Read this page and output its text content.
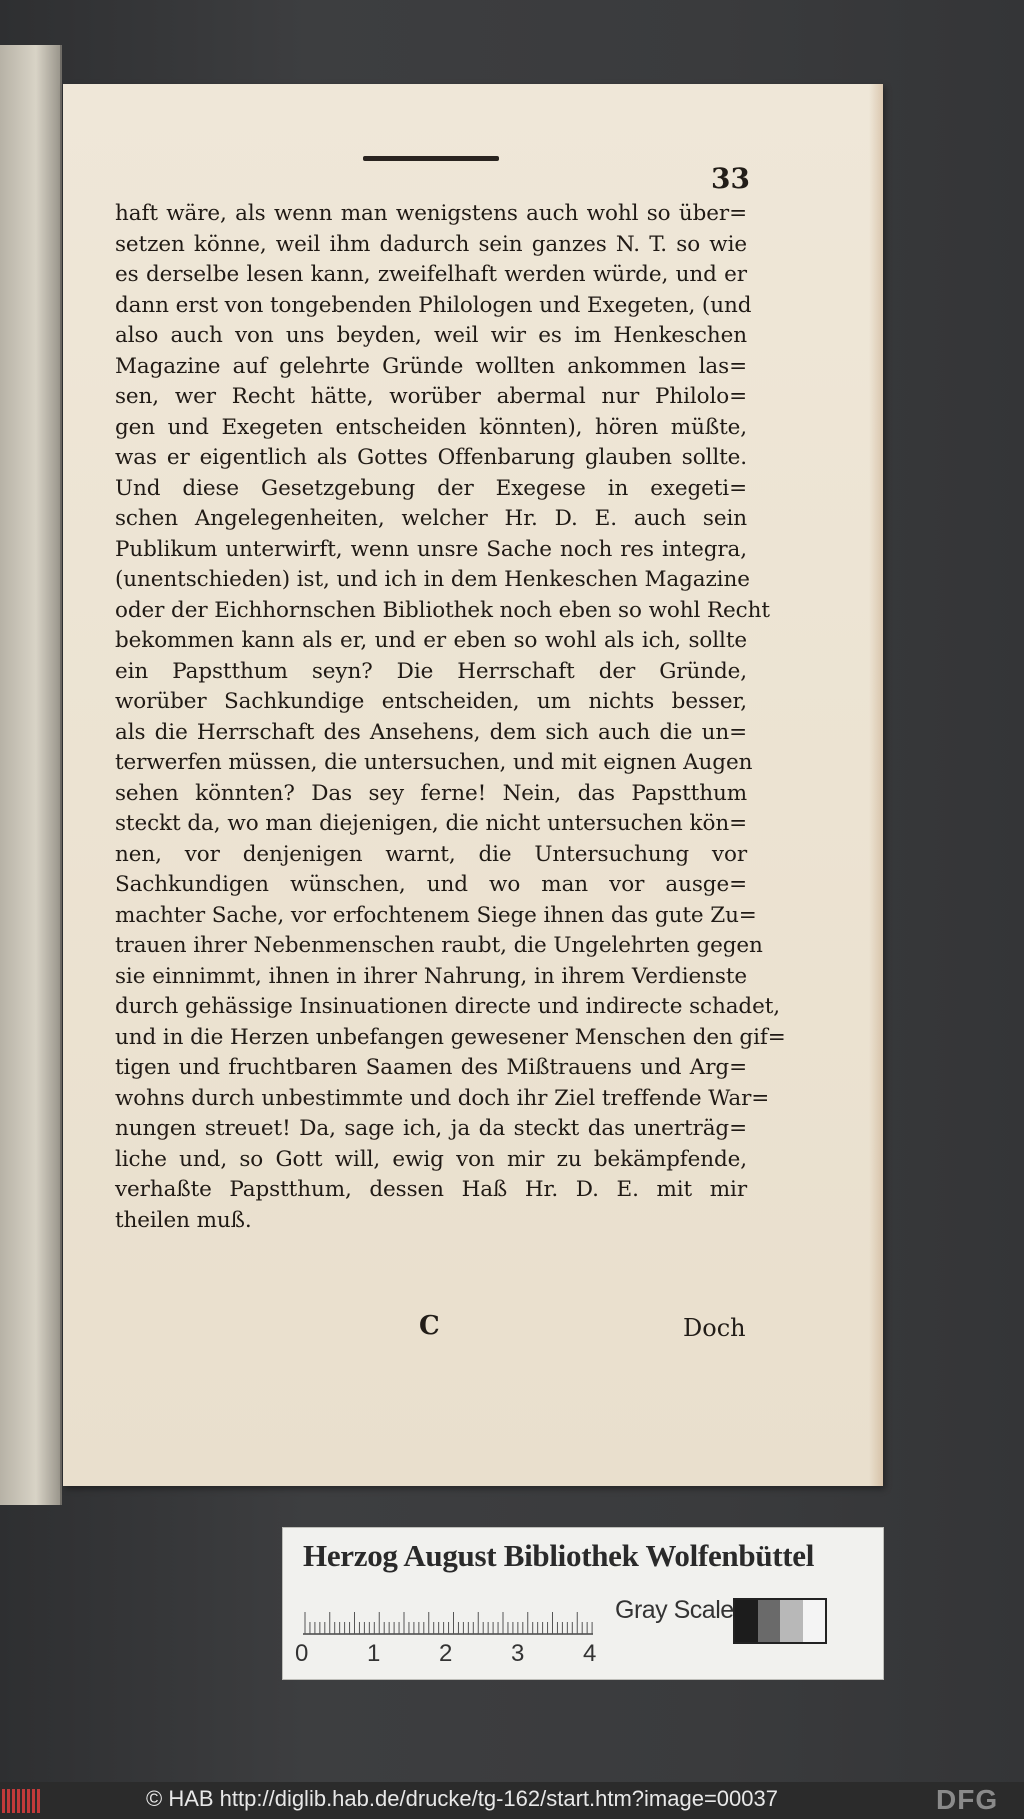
33
haft wäre, als wenn man wenigstens auch wohl so über=
setzen könne, weil ihm dadurch sein ganzes N. T. so wie
es derselbe lesen kann, zweifelhaft werden würde, und er
dann erst von tongebenden Philologen und Exegeten, (und
also auch von uns beyden, weil wir es im Henkeschen
Magazine auf gelehrte Gründe wollten ankommen las=
sen, wer Recht hätte, worüber abermal nur Philolo=
gen und Exegeten entscheiden könnten), hören müßte,
was er eigentlich als Gottes Offenbarung glauben sollte.
Und diese Gesetzgebung der Exegese in exegeti=
schen Angelegenheiten, welcher Hr. D. E. auch sein
Publikum unterwirft, wenn unsre Sache noch res integra,
(unentschieden) ist, und ich in dem Henkeschen Magazine
oder der Eichhornschen Bibliothek noch eben so wohl Recht
bekommen kann als er, und er eben so wohl als ich, sollte
ein Papstthum seyn? Die Herrschaft der Gründe,
worüber Sachkundige entscheiden, um nichts besser,
als die Herrschaft des Ansehens, dem sich auch die un=
terwerfen müssen, die untersuchen, und mit eignen Augen
sehen könnten? Das sey ferne! Nein, das Papstthum
steckt da, wo man diejenigen, die nicht untersuchen kön=
nen, vor denjenigen warnt, die Untersuchung vor
Sachkundigen wünschen, und wo man vor ausge=
machter Sache, vor erfochtenem Siege ihnen das gute Zu=
trauen ihrer Nebenmenschen raubt, die Ungelehrten gegen
sie einnimmt, ihnen in ihrer Nahrung, in ihrem Verdienste
durch gehässige Insinuationen directe und indirecte schadet,
und in die Herzen unbefangen gewesener Menschen den gif=
tigen und fruchtbaren Saamen des Mißtrauens und Arg=
wohns durch unbestimmte und doch ihr Ziel treffende War=
nungen streuet! Da, sage ich, ja da steckt das unerträg=
liche und, so Gott will, ewig von mir zu bekämpfende,
verhaßte Papstthum, dessen Haß Hr. D. E. mit mir
theilen muß.
C	Doch
Herzog August Bibliothek Wolfenbüttel
0 1 2 3 4
Gray Scale
© HAB http://diglib.hab.de/drucke/tg-162/start.htm?image=00037	DFG
